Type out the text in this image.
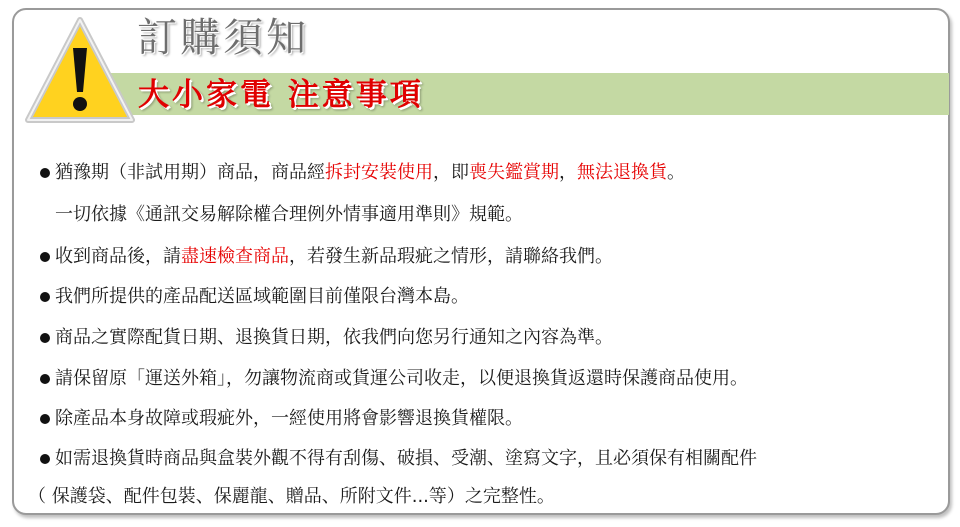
訂購須知
大小家電 注意事項
猶豫期（非試用期）商品，商品經拆封安裝使用，即喪失鑑賞期，無法退換貨。
一切依據《通訊交易解除權合理例外情事適用準則》規範。
收到商品後，請盡速檢查商品，若發生新品瑕疵之情形，請聯絡我們。
我們所提供的產品配送區域範圍目前僅限台灣本島。
商品之實際配貨日期、退換貨日期，依我們向您另行通知之內容為準。
請保留原「運送外箱」，勿讓物流商或貨運公司收走，以便退換貨返還時保護商品使用。
除產品本身故障或瑕疵外，一經使用將會影響退換貨權限。
如需退換貨時商品與盒裝外觀不得有刮傷、破損、受潮、塗寫文字，且必須保有相關配件
（ 保護袋、配件包裝、保麗龍、贈品、所附文件...等）之完整性。
